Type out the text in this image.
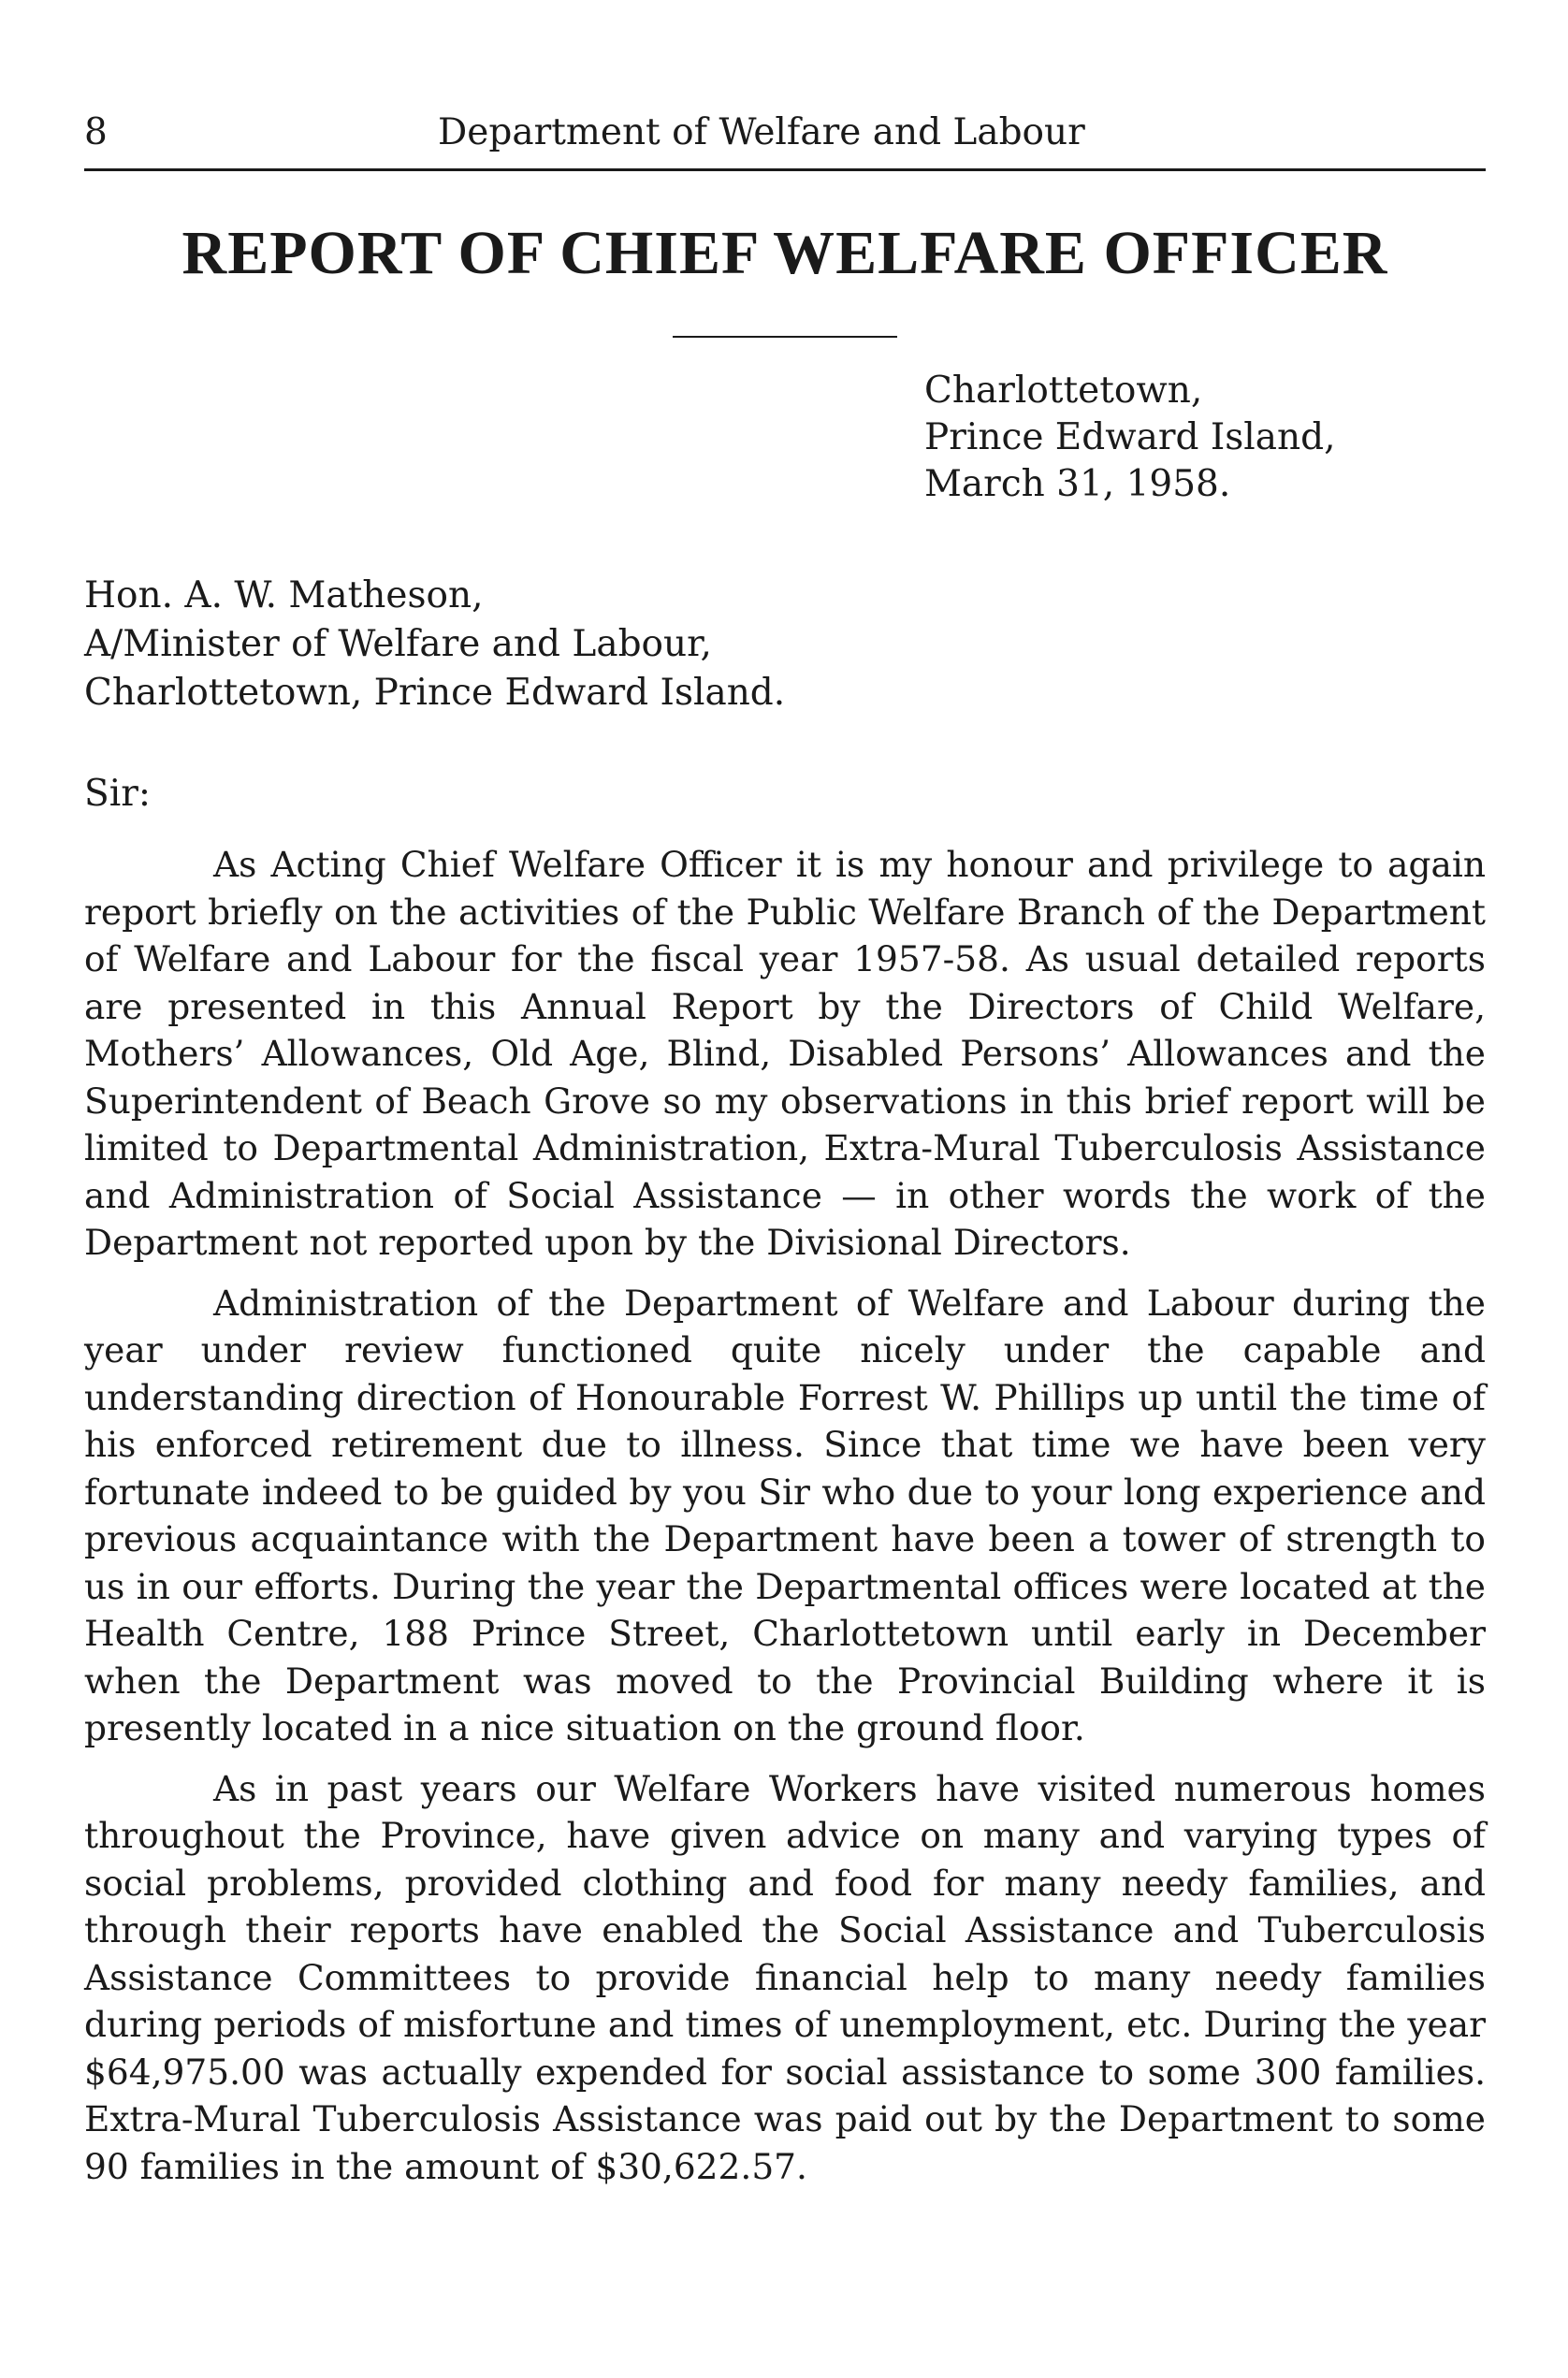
8	Department of Welfare and Labour
REPORT OF CHIEF WELFARE OFFICER
Charlottetown,
Prince Edward Island,
March 31, 1958.
Hon. A. W. Matheson,
A/Minister of Welfare and Labour,
Charlottetown, Prince Edward Island.
Sir:

As Acting Chief Welfare Officer it is my honour and privilege to again report briefly on the activities of the Public Welfare Branch of the Department of Welfare and Labour for the fiscal year 1957-58. As usual detailed reports are presented in this Annual Report by the Directors of Child Welfare, Mothers’ Allowances, Old Age, Blind, Disabled Persons’ Allowances and the Superintendent of Beach Grove so my observations in this brief report will be limited to Departmental Administration, Extra-Mural Tuberculosis Assistance and Administration of Social Assistance — in other words the work of the Department not reported upon by the Divisional Directors.

Administration of the Department of Welfare and Labour during the year under review functioned quite nicely under the capable and understanding direction of Honourable Forrest W. Phillips up until the time of his enforced retirement due to illness. Since that time we have been very fortunate indeed to be guided by you Sir who due to your long experience and previous acquaintance with the Department have been a tower of strength to us in our efforts. During the year the Departmental offices were located at the Health Centre, 188 Prince Street, Charlottetown until early in December when the Department was moved to the Provincial Building where it is presently located in a nice situation on the ground floor.

As in past years our Welfare Workers have visited numerous homes throughout the Province, have given advice on many and varying types of social problems, provided clothing and food for many needy families, and through their reports have enabled the Social Assistance and Tuberculosis Assistance Committees to provide financial help to many needy families during periods of misfortune and times of unemployment, etc. During the year $64,975.00 was actually expended for social assistance to some 300 families. Extra-Mural Tuberculosis Assistance was paid out by the Department to some 90 families in the amount of $30,622.57.
